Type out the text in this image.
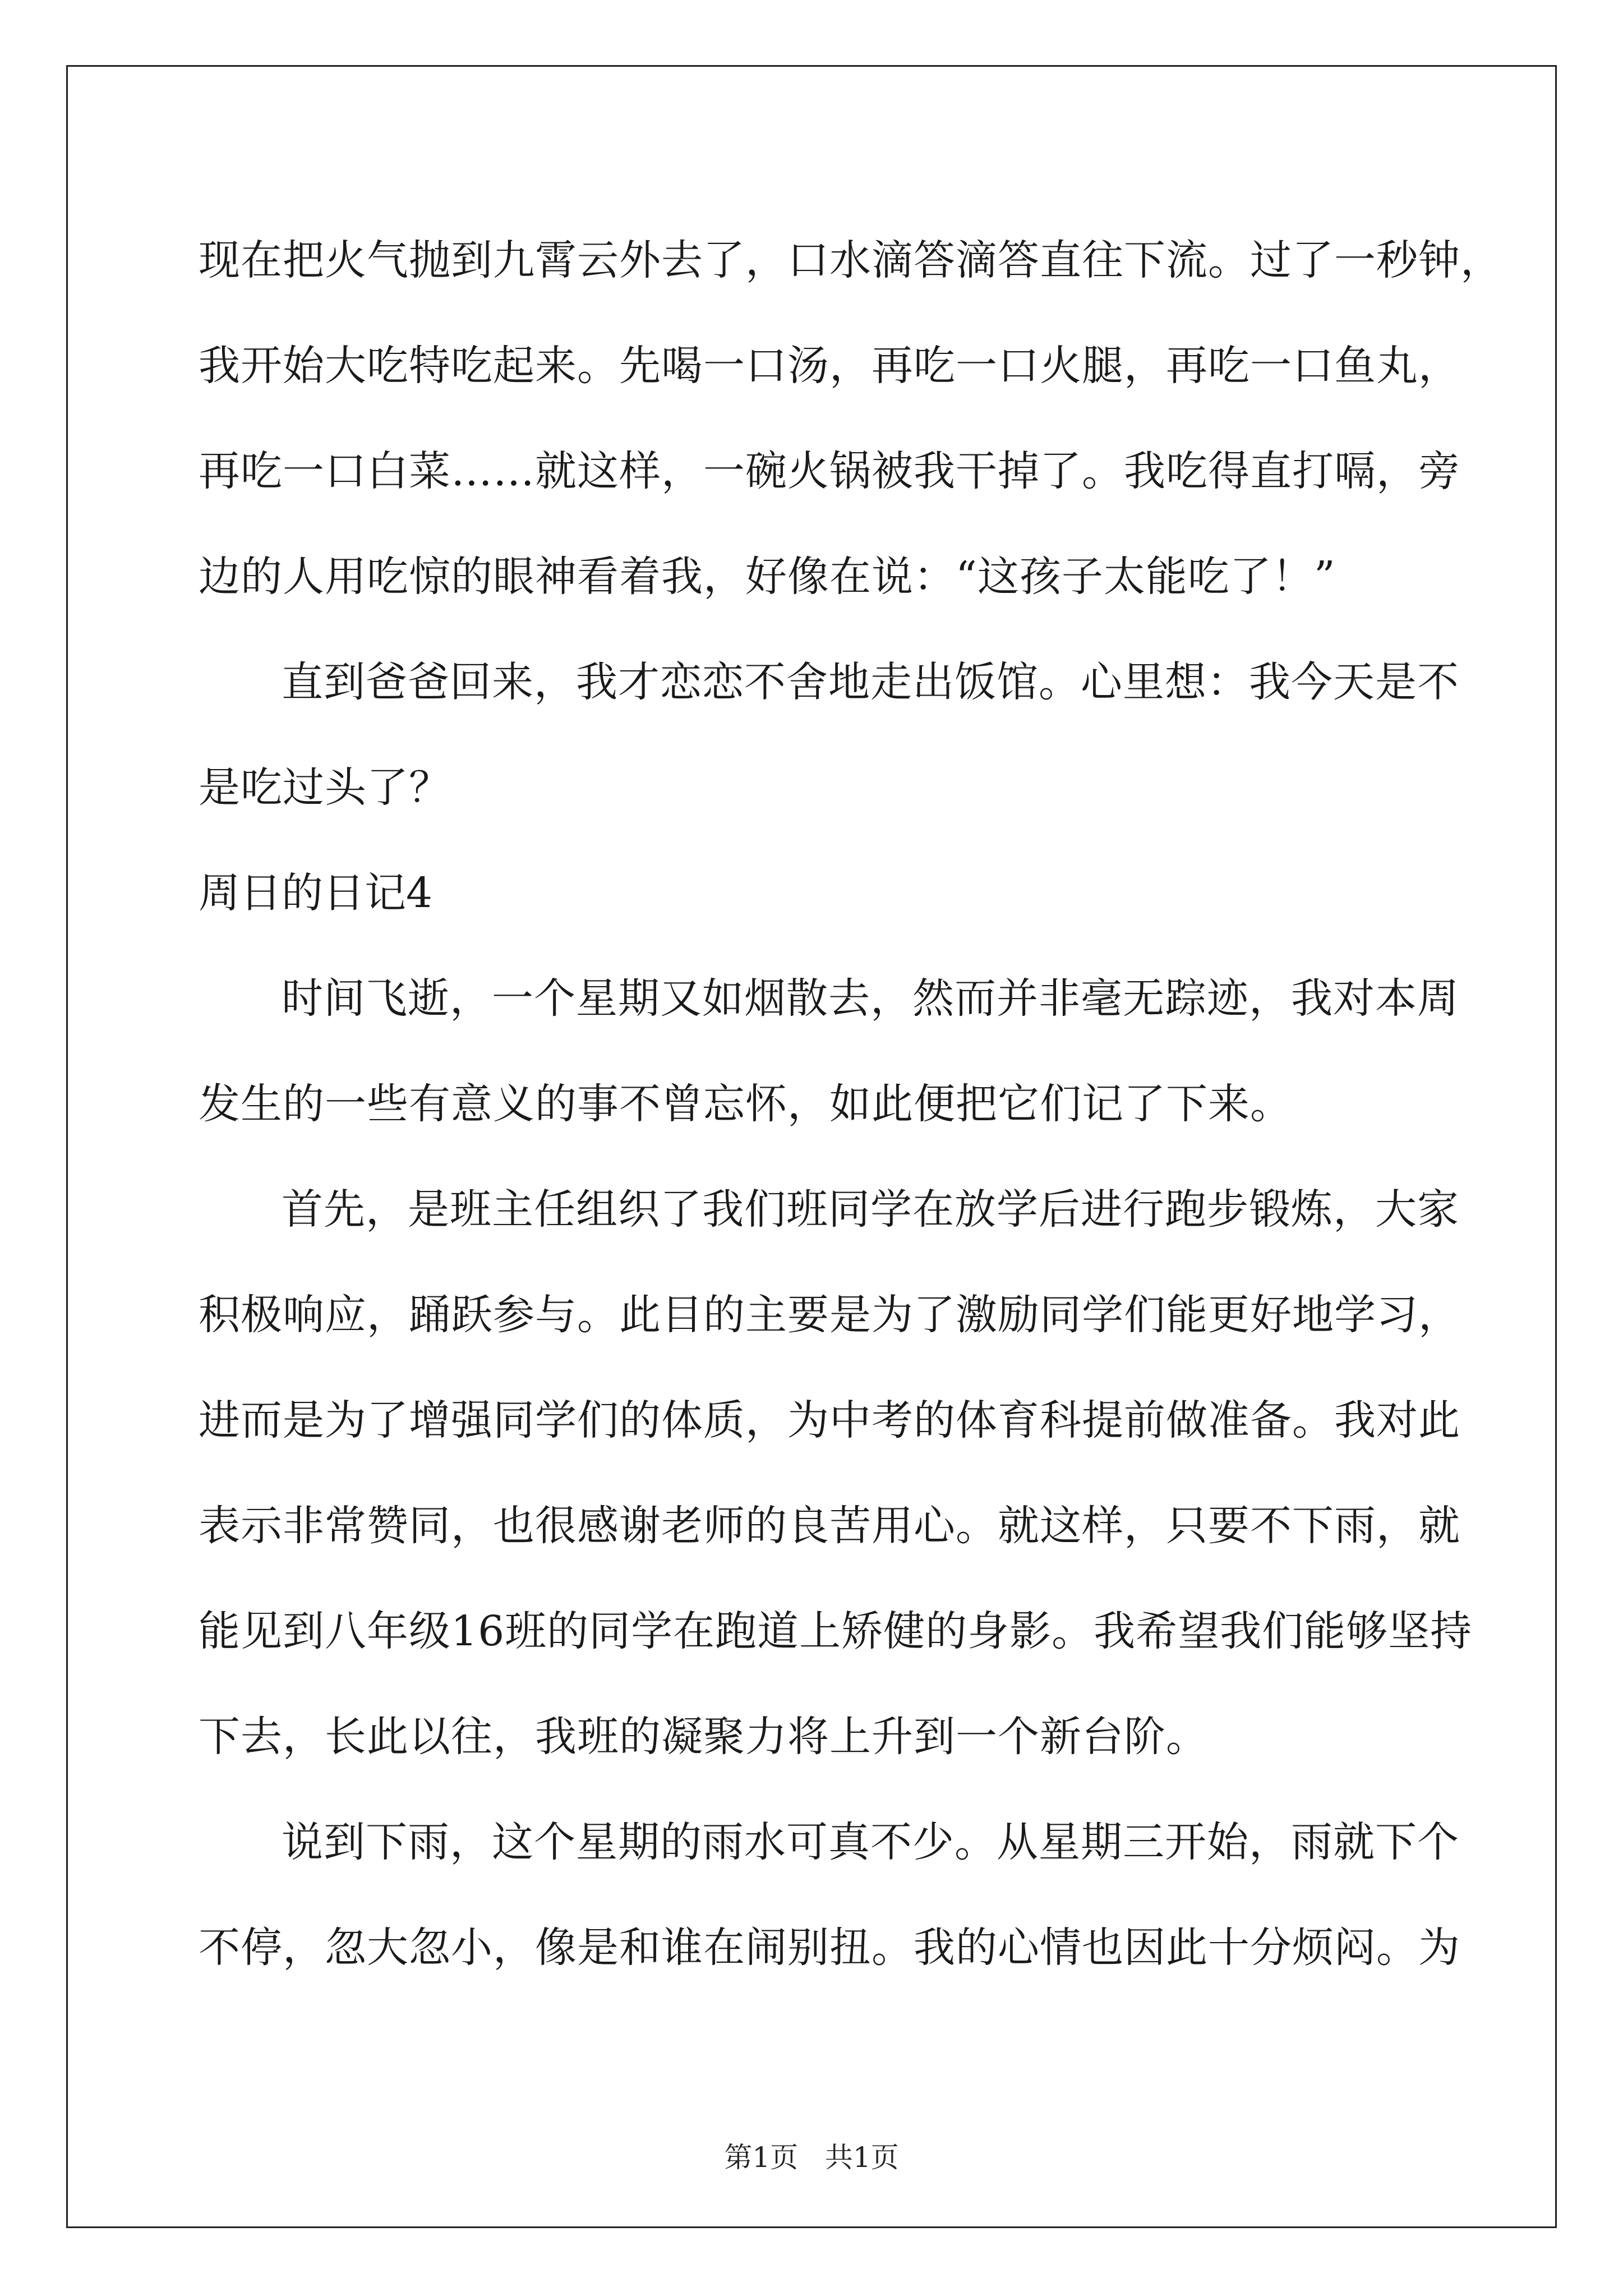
现在把火气抛到九霄云外去了，口水滴答滴答直往下流。过了一秒钟，
我开始大吃特吃起来。先喝一口汤，再吃一口火腿，再吃一口鱼丸，
再吃一口白菜……就这样，一碗火锅被我干掉了。我吃得直打嗝，旁
边的人用吃惊的眼神看着我，好像在说：“这孩子太能吃了！”
直到爸爸回来，我才恋恋不舍地走出饭馆。心里想：我今天是不
是吃过头了？
周日的日记4
时间飞逝，一个星期又如烟散去，然而并非毫无踪迹，我对本周
发生的一些有意义的事不曾忘怀，如此便把它们记了下来。
首先，是班主任组织了我们班同学在放学后进行跑步锻炼，大家
积极响应，踊跃参与。此目的主要是为了激励同学们能更好地学习，
进而是为了增强同学们的体质，为中考的体育科提前做准备。我对此
表示非常赞同，也很感谢老师的良苦用心。就这样，只要不下雨，就
能见到八年级16班的同学在跑道上矫健的身影。我希望我们能够坚持
下去，长此以往，我班的凝聚力将上升到一个新台阶。
说到下雨，这个星期的雨水可真不少。从星期三开始，雨就下个
不停，忽大忽小，像是和谁在闹别扭。我的心情也因此十分烦闷。为
第1页   共1页
